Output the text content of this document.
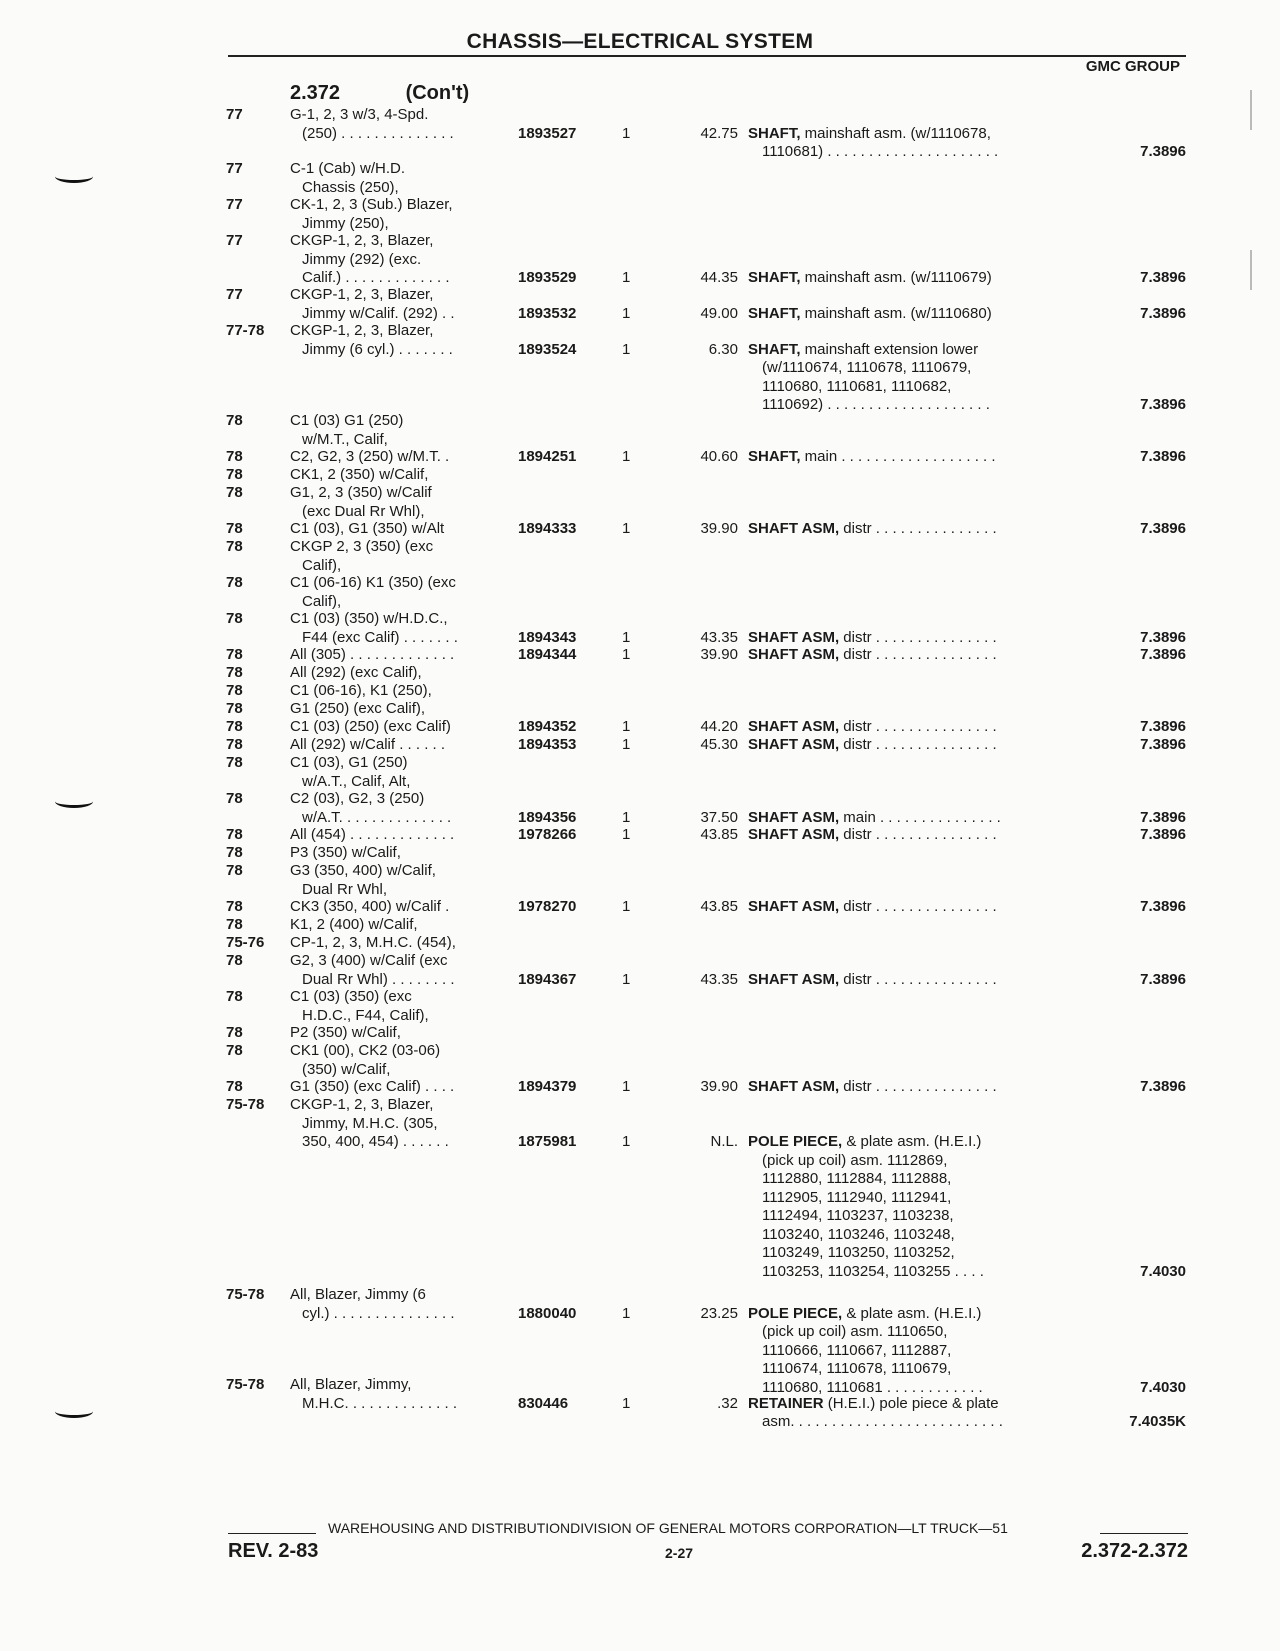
CHASSIS—ELECTRICAL SYSTEM
GMC GROUP
2.372	(Con't)
77	G-1, 2, 3 w/3, 4-Spd.
(250) . . . . . . . . . . . . . .	1893527	1	42.75 SHAFT, mainshaft asm. (w/1110678,
1110681) . . . . . . . . . . . . . . . . . . . . .	7.3896
77	C-1 (Cab) w/H.D.
Chassis (250),
77	CK-1, 2, 3 (Sub.) Blazer,
Jimmy (250),
77	CKGP-1, 2, 3, Blazer,
Jimmy (292) (exc.
Calif.) . . . . . . . . . . . . .	1893529	1	44.35 SHAFT, mainshaft asm. (w/1110679)	7.3896
77	CKGP-1, 2, 3, Blazer,
Jimmy w/Calif. (292) . .	1893532	1	49.00 SHAFT, mainshaft asm. (w/1110680)	7.3896
77-78	CKGP-1, 2, 3, Blazer,
Jimmy (6 cyl.) . . . . . . .	1893524	1	6.30 SHAFT, mainshaft extension lower
(w/1110674, 1110678, 1110679,
1110680, 1110681, 1110682,
1110692) . . . . . . . . . . . . . . . . . . . .	7.3896
78	C1 (03) G1 (250)
w/M.T., Calif,
78	C2, G2, 3 (250) w/M.T. .	1894251	1	40.60 SHAFT, main . . . . . . . . . . . . . . . . . . .	7.3896
78	CK1, 2 (350) w/Calif,
78	G1, 2, 3 (350) w/Calif
(exc Dual Rr Whl),
78	C1 (03), G1 (350) w/Alt	1894333	1	39.90 SHAFT ASM, distr . . . . . . . . . . . . . . .	7.3896
78	CKGP 2, 3 (350) (exc
Calif),
78	C1 (06-16) K1 (350) (exc
Calif),
78	C1 (03) (350) w/H.D.C.,
F44 (exc Calif) . . . . . . .	1894343	1	43.35 SHAFT ASM, distr . . . . . . . . . . . . . . .	7.3896
78	All (305) . . . . . . . . . . . . .	1894344	1	39.90 SHAFT ASM, distr . . . . . . . . . . . . . . .	7.3896
78	All (292) (exc Calif),
78	C1 (06-16), K1 (250),
78	G1 (250) (exc Calif),
78	C1 (03) (250) (exc Calif)	1894352	1	44.20 SHAFT ASM, distr . . . . . . . . . . . . . . .	7.3896
78	All (292) w/Calif . . . . . .	1894353	1	45.30 SHAFT ASM, distr . . . . . . . . . . . . . . .	7.3896
78	C1 (03), G1 (250)
w/A.T., Calif, Alt,
78	C2 (03), G2, 3 (250)
w/A.T. . . . . . . . . . . . . .	1894356	1	37.50 SHAFT ASM, main . . . . . . . . . . . . . . .	7.3896
78	All (454) . . . . . . . . . . . . .	1978266	1	43.85 SHAFT ASM, distr . . . . . . . . . . . . . . .	7.3896
78	P3 (350) w/Calif,
78	G3 (350, 400) w/Calif,
Dual Rr Whl,
78	CK3 (350, 400) w/Calif .	1978270	1	43.85 SHAFT ASM, distr . . . . . . . . . . . . . . .	7.3896
78	K1, 2 (400) w/Calif,
75-76	CP-1, 2, 3, M.H.C. (454),
78	G2, 3 (400) w/Calif (exc
Dual Rr Whl) . . . . . . . .	1894367	1	43.35 SHAFT ASM, distr . . . . . . . . . . . . . . .	7.3896
78	C1 (03) (350) (exc
H.D.C., F44, Calif),
78	P2 (350) w/Calif,
78	CK1 (00), CK2 (03-06)
(350) w/Calif,
78	G1 (350) (exc Calif) . . . .	1894379	1	39.90 SHAFT ASM, distr . . . . . . . . . . . . . . .	7.3896
75-78	CKGP-1, 2, 3, Blazer,
Jimmy, M.H.C. (305,
350, 400, 454) . . . . . .	1875981	1	N.L. POLE PIECE, & plate asm. (H.E.I.)
(pick up coil) asm. 1112869,
1112880, 1112884, 1112888,
1112905, 1112940, 1112941,
1112494, 1103237, 1103238,
1103240, 1103246, 1103248,
1103249, 1103250, 1103252,
1103253, 1103254, 1103255 . . . .	7.4030
75-78	All, Blazer, Jimmy (6
cyl.) . . . . . . . . . . . . . . .	1880040	1	23.25 POLE PIECE, & plate asm. (H.E.I.)
(pick up coil) asm. 1110650,
1110666, 1110667, 1112887,
1110674, 1110678, 1110679,
1110680, 1110681 . . . . . . . . . . . .	7.4030
75-78	All, Blazer, Jimmy,
M.H.C. . . . . . . . . . . . . .	830446	1	.32 RETAINER (H.E.I.) pole piece & plate
asm. . . . . . . . . . . . . . . . . . . . . . . . . .	7.4035K
WAREHOUSING AND DISTRIBUTIONDIVISION OF GENERAL MOTORS CORPORATION—LT TRUCK—51
REV. 2-83	2-27	2.372-2.372
